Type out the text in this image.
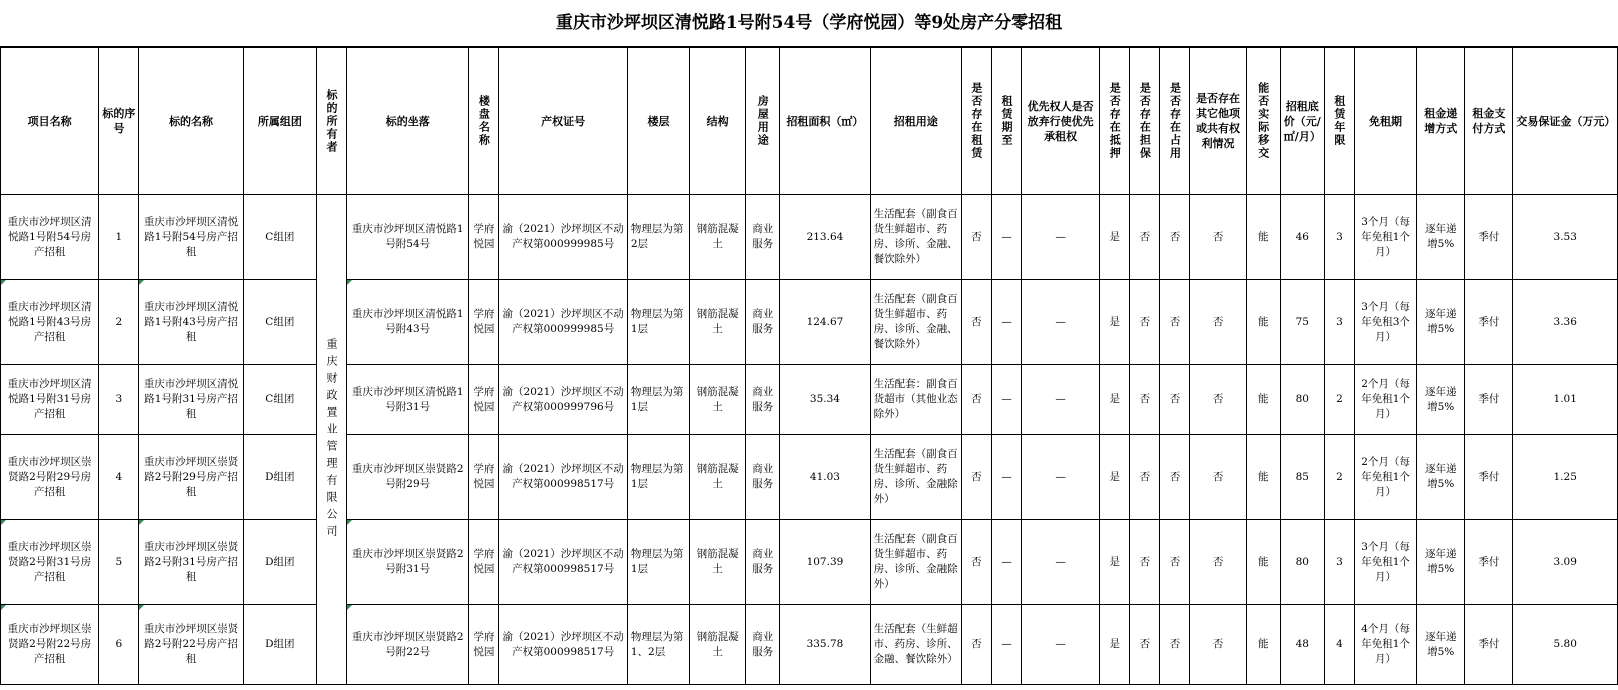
重庆市沙坪坝区清悦路1号附54号（学府悦园）等9处房产分零招租
项目名称	标的序号	标的名称	所属组团	标的所有者	标的坐落	楼盘名称	产权证号	楼层	结构	房屋用途	招租面积（㎡）	招租用途	是否存在租赁	租赁期至	优先权人是否放弃行使优先承租权	是否存在抵押	是否存在担保	是否存在占用	是否存在其它他项或共有权利情况	能否实际移交	招租底价（元/㎡/月）	租赁年限	免租期	租金递增方式	租金支付方式	交易保证金（万元）
重庆市沙坪坝区清悦路1号附54号房产招租	1	重庆市沙坪坝区清悦路1号附54号房产招租	C组团	重庆财政置业管理有限公司	重庆市沙坪坝区清悦路1号附54号	学府悦园	渝（2021）沙坪坝区不动产权第000999985号	物理层为第2层	钢筋混凝土	商业服务	213.64	生活配套（副食百货生鲜超市、药房、诊所、金融、餐饮除外）	否	—	—	是	否	否	否	能	46	3	3个月（每年免租1个月）	逐年递增5%	季付	3.53
重庆市沙坪坝区清悦路1号附43号房产招租	2	重庆市沙坪坝区清悦路1号附43号房产招租	C组团		重庆市沙坪坝区清悦路1号附43号	学府悦园	渝（2021）沙坪坝区不动产权第000999985号	物理层为第1层	钢筋混凝土	商业服务	124.67	生活配套（副食百货生鲜超市、药房、诊所、金融、餐饮除外）	否	—	—	是	否	否	否	能	75	3	3个月（每年免租3个月）	逐年递增5%	季付	3.36
重庆市沙坪坝区清悦路1号附31号房产招租	3	重庆市沙坪坝区清悦路1号附31号房产招租	C组团		重庆市沙坪坝区清悦路1号附31号	学府悦园	渝（2021）沙坪坝区不动产权第000999796号	物理层为第1层	钢筋混凝土	商业服务	35.34	生活配套：副食百货超市（其他业态除外）	否	—	—	是	否	否	否	能	80	2	2个月（每年免租1个月）	逐年递增5%	季付	1.01
重庆市沙坪坝区崇贤路2号附29号房产招租	4	重庆市沙坪坝区崇贤路2号附29号房产招租	D组团		重庆市沙坪坝区崇贤路2号附29号	学府悦园	渝（2021）沙坪坝区不动产权第000998517号	物理层为第1层	钢筋混凝土	商业服务	41.03	生活配套（副食百货生鲜超市、药房、诊所、金融除外）	否	—	—	是	否	否	否	能	85	2	2个月（每年免租1个月）	逐年递增5%	季付	1.25
重庆市沙坪坝区崇贤路2号附31号房产招租	5	重庆市沙坪坝区崇贤路2号附31号房产招租	D组团		重庆市沙坪坝区崇贤路2号附31号	学府悦园	渝（2021）沙坪坝区不动产权第000998517号	物理层为第1层	钢筋混凝土	商业服务	107.39	生活配套（副食百货生鲜超市、药房、诊所、金融除外）	否	—	—	是	否	否	否	能	80	3	3个月（每年免租1个月）	逐年递增5%	季付	3.09
重庆市沙坪坝区崇贤路2号附22号房产招租	6	重庆市沙坪坝区崇贤路2号附22号房产招租	D组团		重庆市沙坪坝区崇贤路2号附22号	学府悦园	渝（2021）沙坪坝区不动产权第000998517号	物理层为第1、2层	钢筋混凝土	商业服务	335.78	生活配套（生鲜超市、药房、诊所、金融、餐饮除外）	否	—	—	是	否	否	否	能	48	4	4个月（每年免租1个月）	逐年递增5%	季付	5.80
